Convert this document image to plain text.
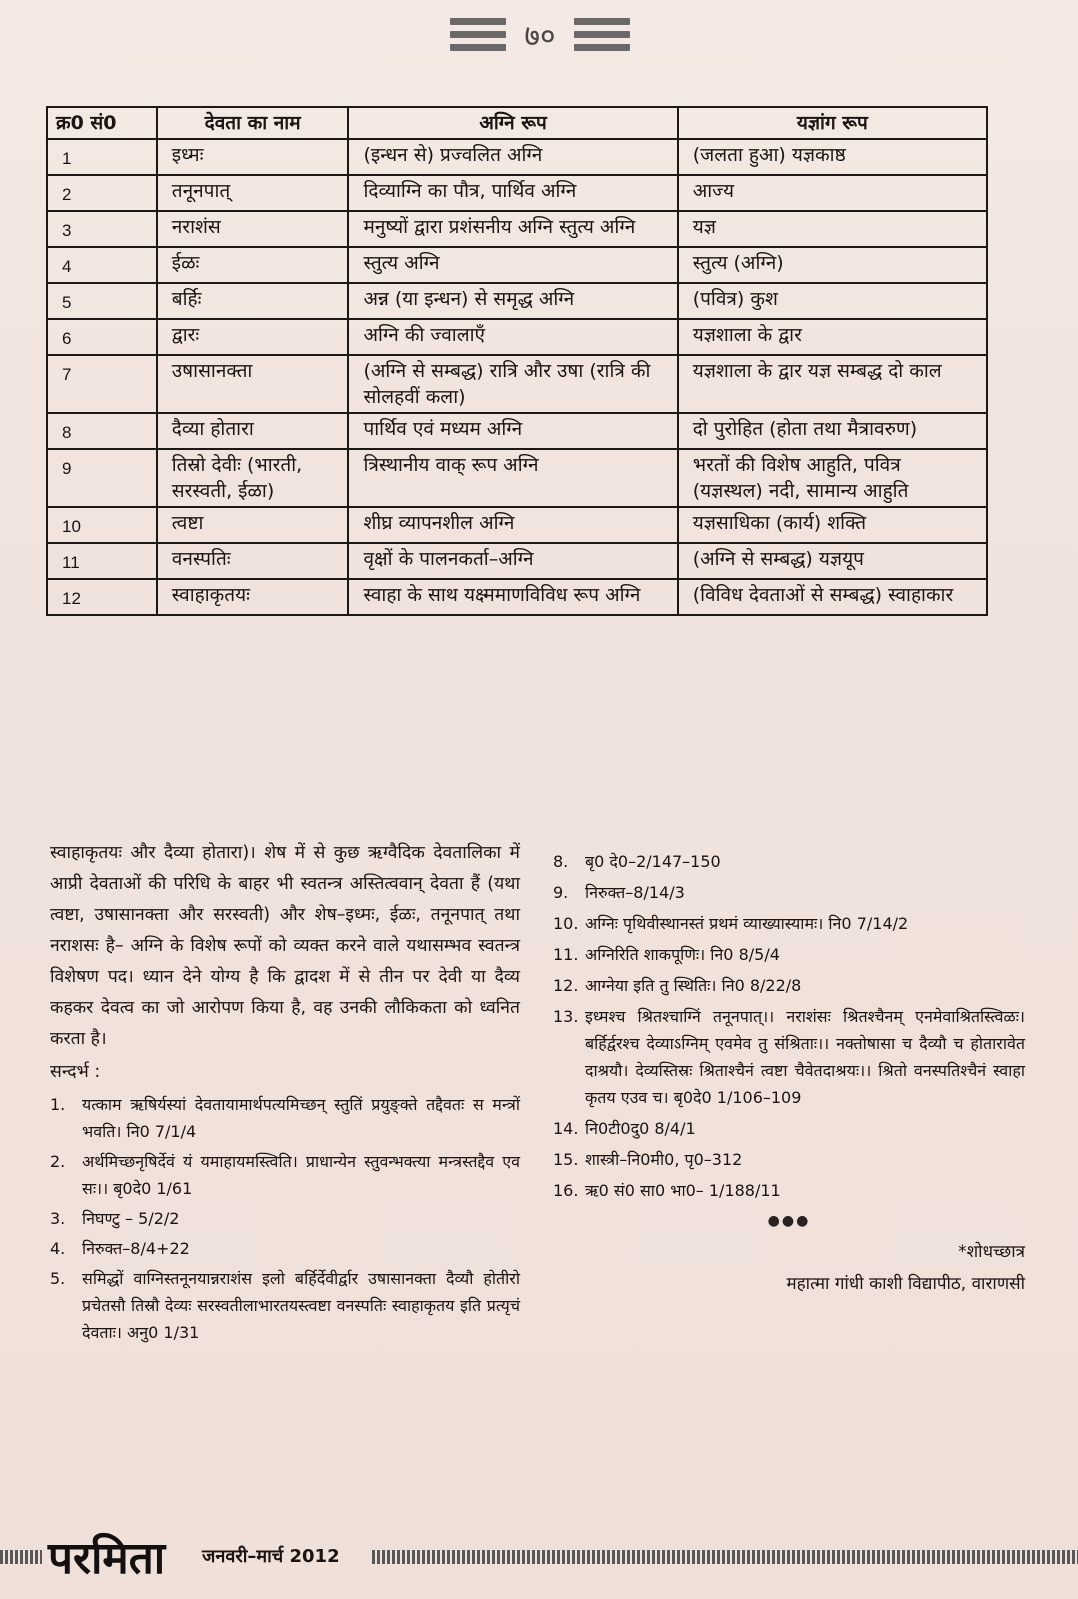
७०
क्र0 सं0	देवता का नाम	अग्नि रूप	यज्ञांग रूप
1	इध्मः	(इन्धन से) प्रज्वलित अग्नि	(जलता हुआ) यज्ञकाष्ठ
2	तनूनपात्	दिव्याग्नि का पौत्र, पार्थिव अग्नि	आज्य
3	नराशंस	मनुष्यों द्वारा प्रशंसनीय अग्नि स्तुत्य अग्नि	यज्ञ
4	ईळः	स्तुत्य अग्नि	स्तुत्य (अग्नि)
5	बर्हिः	अन्न (या इन्धन) से समृद्ध अग्नि	(पवित्र) कुश
6	द्वारः	अग्नि की ज्वालाएँ	यज्ञशाला के द्वार
7	उषासानक्ता	(अग्नि से सम्बद्ध) रात्रि और उषा (रात्रि की सोलहवीं कला)	यज्ञशाला के द्वार यज्ञ सम्बद्ध दो काल
8	दैव्या होतारा	पार्थिव एवं मध्यम अग्नि	दो पुरोहित (होता तथा मैत्रावरुण)
9	तिस्रो देवीः (भारती, सरस्वती, ईळा)	त्रिस्थानीय वाक् रूप अग्नि	भरतों की विशेष आहुति, पवित्र (यज्ञस्थल) नदी, सामान्य आहुति
10	त्वष्टा	शीघ्र व्यापनशील अग्नि	यज्ञसाधिका (कार्य) शक्ति
11	वनस्पतिः	वृक्षों के पालनकर्ता–अग्नि	(अग्नि से सम्बद्ध) यज्ञयूप
12	स्वाहाकृतयः	स्वाहा के साथ यक्ष्ममाणविविध रूप अग्नि	(विविध देवताओं से सम्बद्ध) स्वाहाकार

स्वाहाकृतयः और दैव्या होतारा)। शेष में से कुछ ऋग्वैदिक देवतालिका में आप्री देवताओं की परिधि के बाहर भी स्वतन्त्र अस्तित्ववान् देवता हैं (यथा त्वष्टा, उषासानक्ता और सरस्वती) और शेष–इध्मः, ईळः, तनूनपात् तथा नराशसः है– अग्नि के विशेष रूपों को व्यक्त करने वाले यथासम्भव स्वतन्त्र विशेषण पद। ध्यान देने योग्य है कि द्वादश में से तीन पर देवी या दैव्य कहकर देवत्व का जो आरोपण किया है, वह उनकी लौकिकता को ध्वनित करता है।

सन्दर्भ :
1.	यत्काम ऋषिर्यस्यां देवतायामार्थपत्यमिच्छन् स्तुतिं प्रयुङ्क्ते तद्दैवतः स मन्त्रों भवति। नि0 7/1/4
2.	अर्थमिच्छनृषिर्देवं यं यमाहायमस्त्विति। प्राधान्येन स्तुवन्भक्त्या मन्त्रस्तद्दैव एव सः।। बृ0दे0 1/61
3.	निघण्टु – 5/2/2
4.	निरुक्त–8/4+22
5.	समिद्धों वाग्निस्तनूनयान्नराशंस इलो बर्हिर्देवीर्द्वार उषासानक्ता दैव्यौ होतीरो प्रचेतसौ तिस्रौ देव्यः सरस्वतीलाभारतयस्त्वष्टा वनस्पतिः स्वाहाकृतय इति प्रत्यृचं देवताः। अनु0 1/31
8.	बृ0 दे0–2/147–150
9.	निरुक्त–8/14/3
10. अग्निः पृथिवीस्थानस्तं प्रथमं व्याख्यास्यामः। नि0 7/14/2
11. अग्निरिति शाकपूणिः। नि0 8/5/4
12. आग्नेया इति तु स्थितिः। नि0 8/22/8
13. इध्मश्च श्रितश्चाग्निं तनूनपात्।। नराशंसः श्रितश्चैनम् एनमेवाश्रितस्त्विळः। बर्हिर्द्वरश्च देव्याऽग्निम् एवमेव तु संश्रिताः।। नक्तोषासा च दैव्यौ च होतारावेत दाश्रयौ। देव्यस्तिस्रः श्रिताश्चैनं त्वष्टा चैवेतदाश्रयः।। श्रितो वनस्पतिश्चैनं स्वाहा कृतय एउव च। बृ0दे0 1/106–109
14. नि0टी0दु0 8/4/1
15. शास्त्री–नि0मी0, पृ0–312
16. ऋ0 सं0 सा0 भा0– 1/188/11
●●●
*शोधच्छात्र
महात्मा गांधी काशी विद्यापीठ, वाराणसी
परमिता जनवरी–मार्च 2012
